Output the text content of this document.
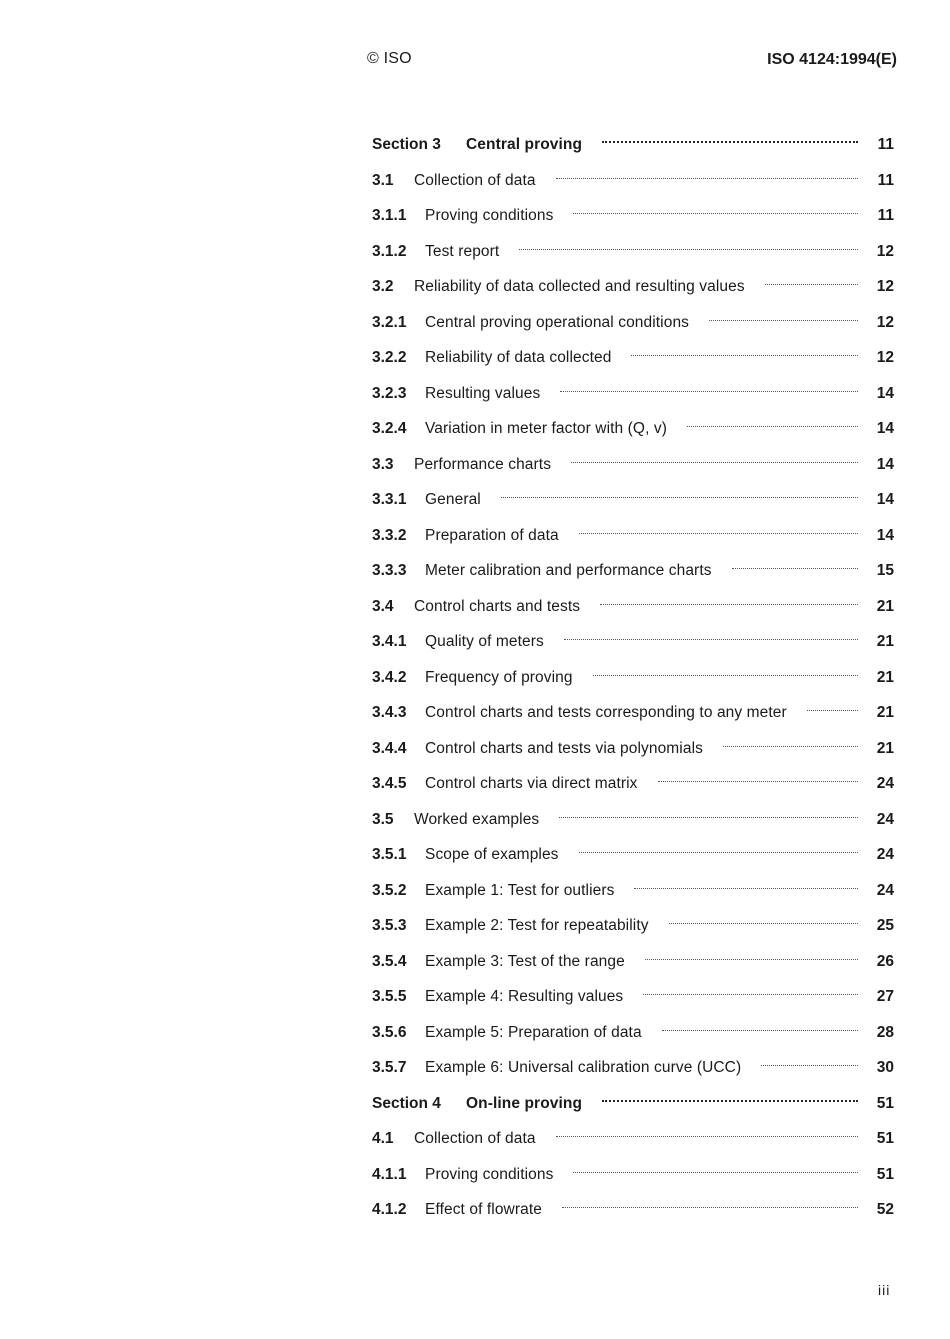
© ISO	ISO 4124:1994(E)
Section 3	Central proving	11
3.1	Collection of data	11
3.1.1	Proving conditions	11
3.1.2	Test report	12
3.2	Reliability of data collected and resulting values	12
3.2.1	Central proving operational conditions	12
3.2.2	Reliability of data collected	12
3.2.3	Resulting values	14
3.2.4	Variation in meter factor with (Q, v)	14
3.3	Performance charts	14
3.3.1	General	14
3.3.2	Preparation of data	14
3.3.3	Meter calibration and performance charts	15
3.4	Control charts and tests	21
3.4.1	Quality of meters	21
3.4.2	Frequency of proving	21
3.4.3	Control charts and tests corresponding to any meter	21
3.4.4	Control charts and tests via polynomials	21
3.4.5	Control charts via direct matrix	24
3.5	Worked examples	24
3.5.1	Scope of examples	24
3.5.2	Example 1: Test for outliers	24
3.5.3	Example 2: Test for repeatability	25
3.5.4	Example 3: Test of the range	26
3.5.5	Example 4: Resulting values	27
3.5.6	Example 5: Preparation of data	28
3.5.7	Example 6: Universal calibration curve (UCC)	30
Section 4	On-line proving	51
4.1	Collection of data	51
4.1.1	Proving conditions	51
4.1.2	Effect of flowrate	52
iii
